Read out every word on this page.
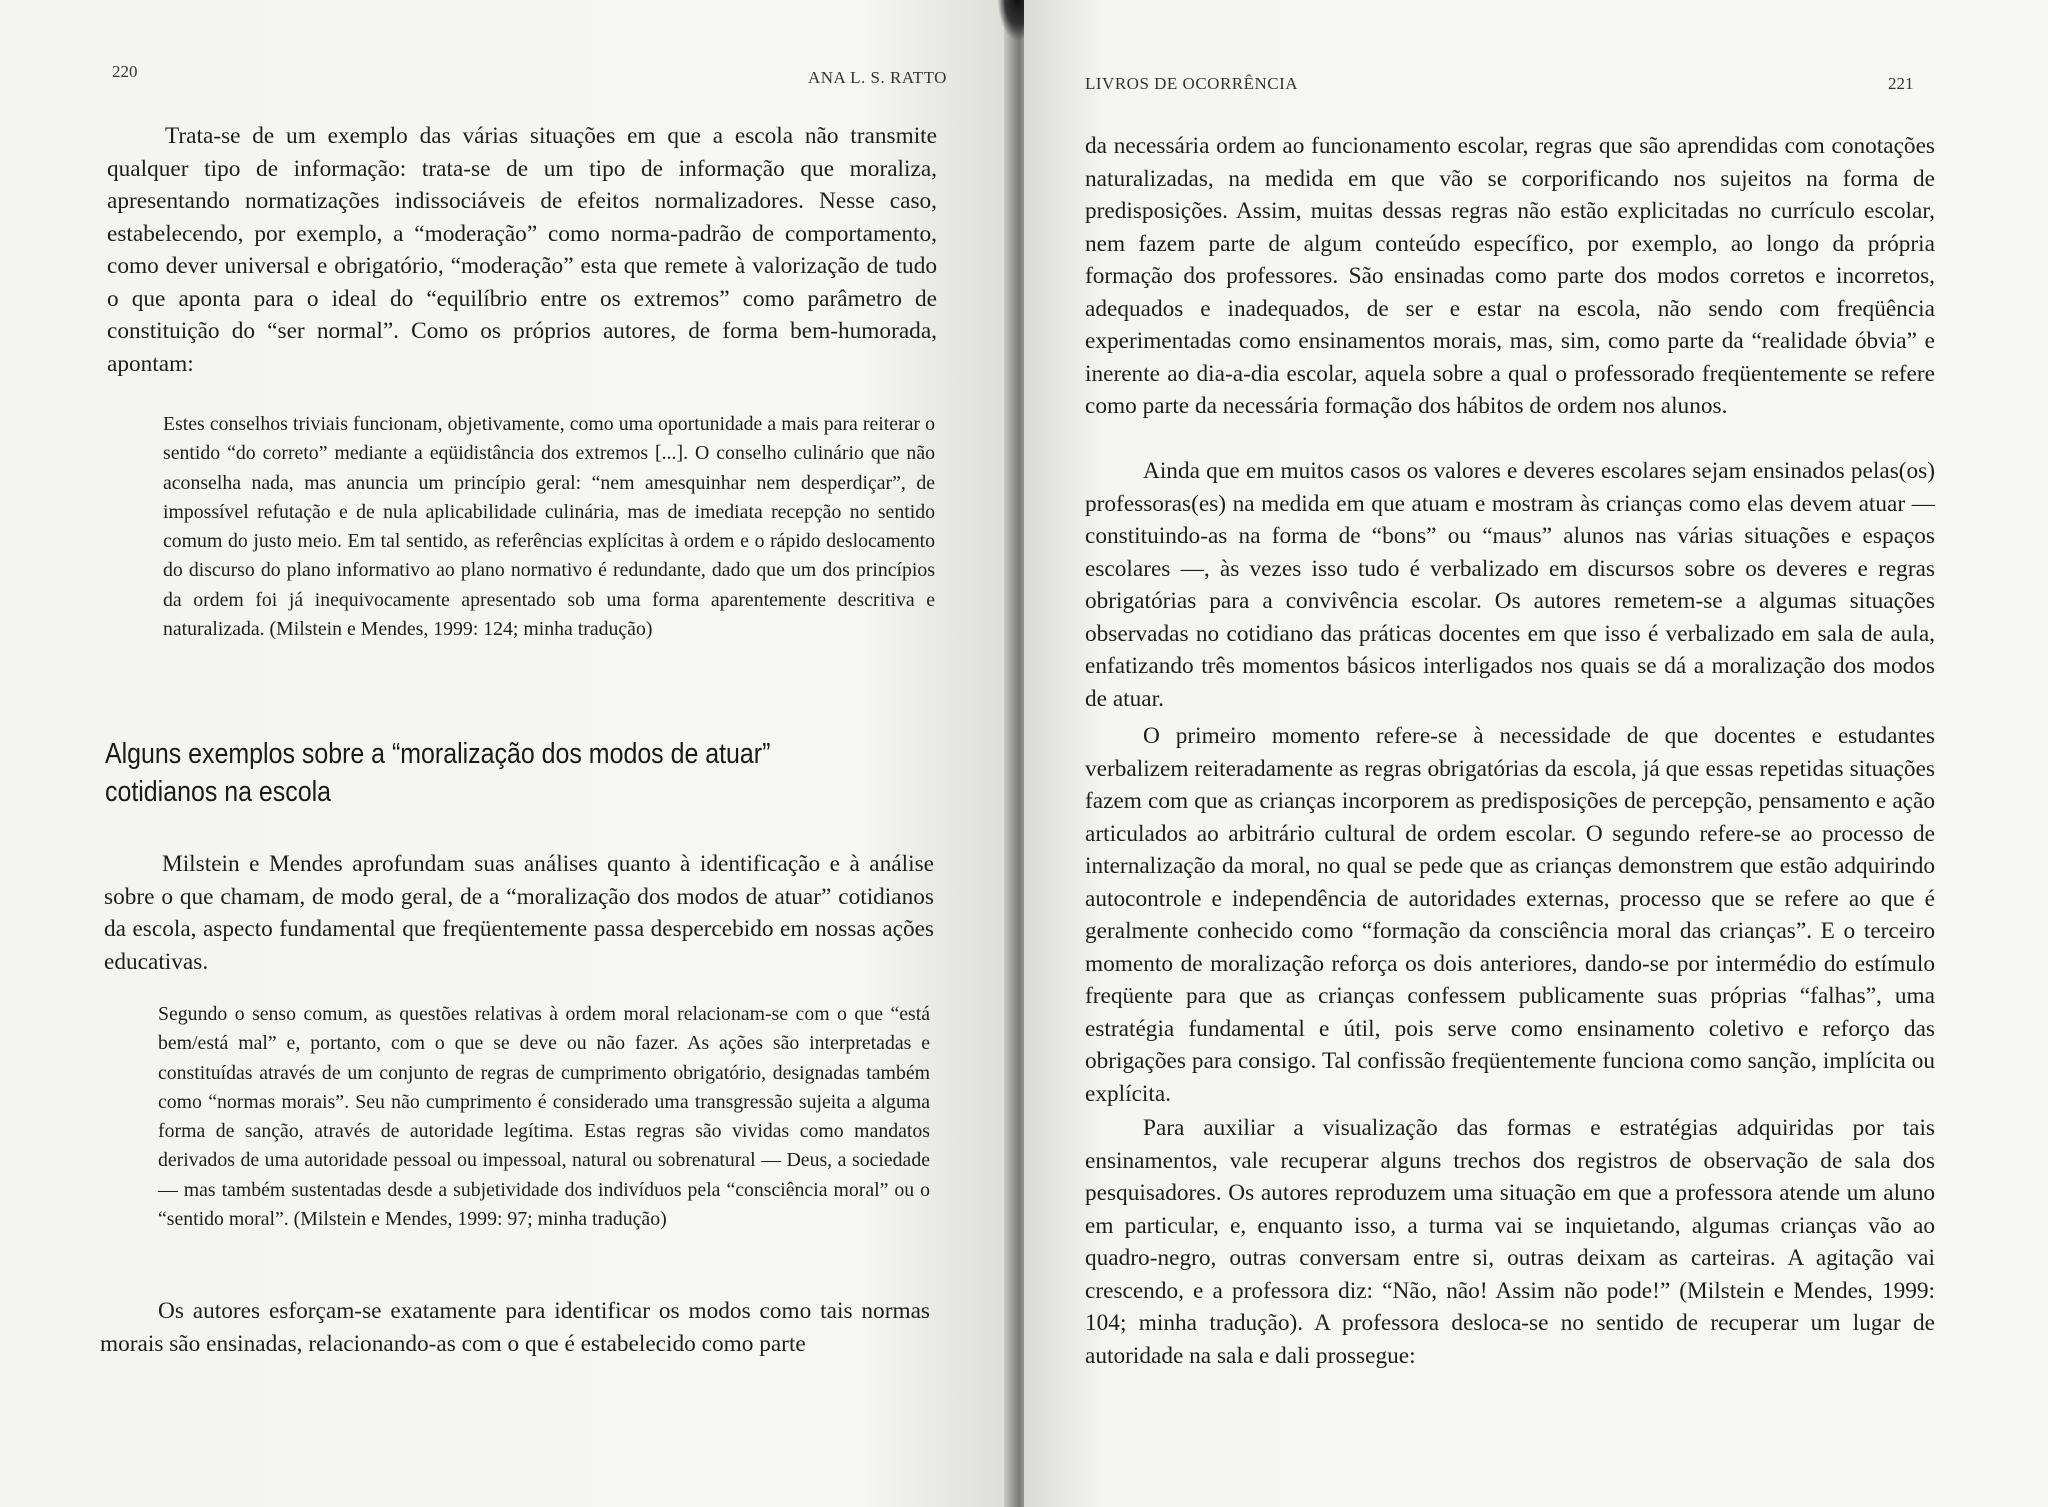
220	ANA L. S. RATTO

Trata-se de um exemplo das várias situações em que a escola não transmite qualquer tipo de informação: trata-se de um tipo de informação que moraliza, apresentando normatizações indissociáveis de efeitos normalizadores. Nesse caso, estabelecendo, por exemplo, a “moderação” como norma-padrão de comportamento, como dever universal e obrigatório, “moderação” esta que remete à valorização de tudo o que aponta para o ideal do “equilíbrio entre os extremos” como parâmetro de constituição do “ser normal”. Como os próprios autores, de forma bem-humorada, apontam:

Estes conselhos triviais funcionam, objetivamente, como uma oportunidade a mais para reiterar o sentido “do correto” mediante a eqüidistância dos extremos [...]. O conselho culinário que não aconselha nada, mas anuncia um princípio geral: “nem amesquinhar nem desperdiçar”, de impossível refutação e de nula aplicabilidade culinária, mas de imediata recepção no sentido comum do justo meio. Em tal sentido, as referências explícitas à ordem e o rápido deslocamento do discurso do plano informativo ao plano normativo é redundante, dado que um dos princípios da ordem foi já inequivocamente apresentado sob uma forma aparentemente descritiva e naturalizada. (Milstein e Mendes, 1999: 124; minha tradução)

Alguns exemplos sobre a “moralização dos modos de atuar”
cotidianos na escola

Milstein e Mendes aprofundam suas análises quanto à identificação e à análise sobre o que chamam, de modo geral, de a “moralização dos modos de atuar” cotidianos da escola, aspecto fundamental que freqüentemente passa despercebido em nossas ações educativas.

Segundo o senso comum, as questões relativas à ordem moral relacionam-se com o que “está bem/está mal” e, portanto, com o que se deve ou não fazer. As ações são interpretadas e constituídas através de um conjunto de regras de cumprimento obrigatório, designadas também como “normas morais”. Seu não cumprimento é considerado uma transgressão sujeita a alguma forma de sanção, através de autoridade legítima. Estas regras são vividas como mandatos derivados de uma autoridade pessoal ou impessoal, natural ou sobrenatural — Deus, a sociedade — mas também sustentadas desde a subjetividade dos indivíduos pela “consciência moral” ou o “sentido moral”. (Milstein e Mendes, 1999: 97; minha tradução)

Os autores esforçam-se exatamente para identificar os modos como tais normas morais são ensinadas, relacionando-as com o que é estabelecido como parte

LIVROS DE OCORRÊNCIA	221

da necessária ordem ao funcionamento escolar, regras que são aprendidas com conotações naturalizadas, na medida em que vão se corporificando nos sujeitos na forma de predisposições. Assim, muitas dessas regras não estão explicitadas no currículo escolar, nem fazem parte de algum conteúdo específico, por exemplo, ao longo da própria formação dos professores. São ensinadas como parte dos modos corretos e incorretos, adequados e inadequados, de ser e estar na escola, não sendo com freqüência experimentadas como ensinamentos morais, mas, sim, como parte da “realidade óbvia” e inerente ao dia-a-dia escolar, aquela sobre a qual o professorado freqüentemente se refere como parte da necessária formação dos hábitos de ordem nos alunos.

Ainda que em muitos casos os valores e deveres escolares sejam ensinados pelas(os) professoras(es) na medida em que atuam e mostram às crianças como elas devem atuar — constituindo-as na forma de “bons” ou “maus” alunos nas várias situações e espaços escolares —, às vezes isso tudo é verbalizado em discursos sobre os deveres e regras obrigatórias para a convivência escolar. Os autores remetem-se a algumas situações observadas no cotidiano das práticas docentes em que isso é verbalizado em sala de aula, enfatizando três momentos básicos interligados nos quais se dá a moralização dos modos de atuar.

O primeiro momento refere-se à necessidade de que docentes e estudantes verbalizem reiteradamente as regras obrigatórias da escola, já que essas repetidas situações fazem com que as crianças incorporem as predisposições de percepção, pensamento e ação articulados ao arbitrário cultural de ordem escolar. O segundo refere-se ao processo de internalização da moral, no qual se pede que as crianças demonstrem que estão adquirindo autocontrole e independência de autoridades externas, processo que se refere ao que é geralmente conhecido como “formação da consciência moral das crianças”. E o terceiro momento de moralização reforça os dois anteriores, dando-se por intermédio do estímulo freqüente para que as crianças confessem publicamente suas próprias “falhas”, uma estratégia fundamental e útil, pois serve como ensinamento coletivo e reforço das obrigações para consigo. Tal confissão freqüentemente funciona como sanção, implícita ou explícita.

Para auxiliar a visualização das formas e estratégias adquiridas por tais ensinamentos, vale recuperar alguns trechos dos registros de observação de sala dos pesquisadores. Os autores reproduzem uma situação em que a professora atende um aluno em particular, e, enquanto isso, a turma vai se inquietando, algumas crianças vão ao quadro-negro, outras conversam entre si, outras deixam as carteiras. A agitação vai crescendo, e a professora diz: “Não, não! Assim não pode!” (Milstein e Mendes, 1999: 104; minha tradução). A professora desloca-se no sentido de recuperar um lugar de autoridade na sala e dali prossegue:
